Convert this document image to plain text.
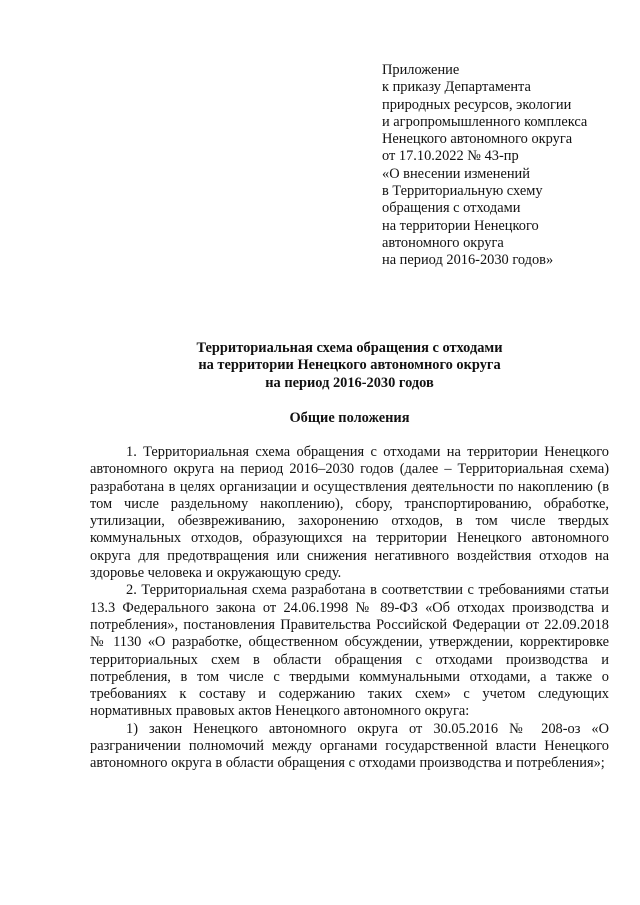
Приложение
к приказу Департамента
природных ресурсов, экологии
и агропромышленного комплекса
Ненецкого автономного округа
от 17.10.2022 № 43-пр
«О внесении изменений
в Территориальную схему
обращения с отходами
на территории Ненецкого
автономного округа
на период 2016-2030 годов»
Территориальная схема обращения с отходами
на территории Ненецкого автономного округа
на период 2016-2030 годов
Общие положения

1. Территориальная схема обращения с отходами на территории Ненецкого автономного округа на период 2016–2030 годов (далее – Территориальная схема) разработана в целях организации и осуществления деятельности по накоплению (в том числе раздельному накоплению), сбору, транспортированию, обработке, утилизации, обезвреживанию, захоронению отходов, в том числе твердых коммунальных отходов, образующихся на территории Ненецкого автономного округа для предотвращения или снижения негативного воздействия отходов на здоровье человека и окружающую среду.

2. Территориальная схема разработана в соответствии с требованиями статьи 13.3 Федерального закона от 24.06.1998 № 89-ФЗ «Об отходах производства и потребления», постановления Правительства Российской Федерации от 22.09.2018 № 1130 «О разработке, общественном обсуждении, утверждении, корректировке территориальных схем в области обращения с отходами производства и потребления, в том числе с твердыми коммунальными отходами, а также о требованиях к составу и содержанию таких схем» с учетом следующих нормативных правовых актов Ненецкого автономного округа:

1) закон Ненецкого автономного округа от 30.05.2016 № 208-оз «О разграничении полномочий между органами государственной власти Ненецкого автономного округа в области обращения с отходами производства и потребления»;
